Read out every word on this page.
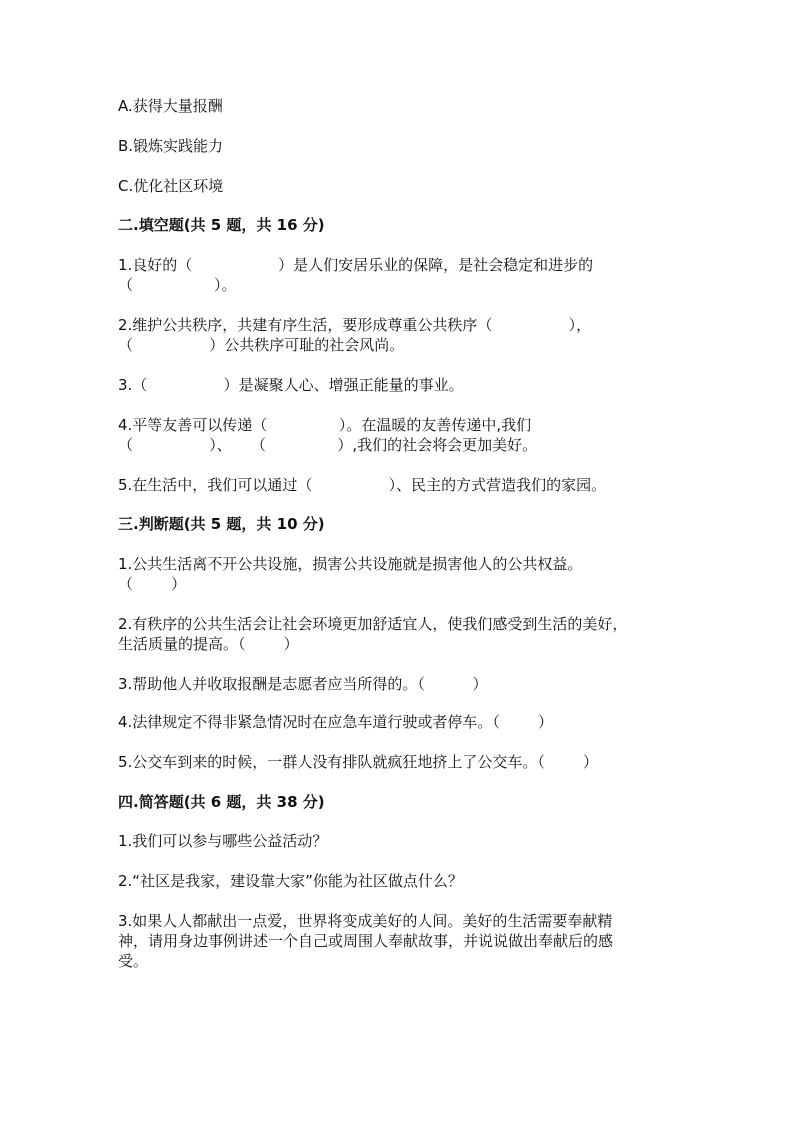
A.获得大量报酬
B.锻炼实践能力
C.优化社区环境
二.填空题(共 5 题，共 16 分)
1.良好的（                  ）是人们安居乐业的保障，是社会稳定和进步的
（                 ）。
2.维护公共秩序，共建有序生活，要形成尊重公共秩序（                ），
（                ）公共秩序可耻的社会风尚。
3.（                ）是凝聚人心、增强正能量的事业。
4.平等友善可以传递（               ）。在温暖的友善传递中,我们
（                ）、    （               ）,我们的社会将会更加美好。
5.在生活中，我们可以通过（                ）、民主的方式营造我们的家园。
三.判断题(共 5 题，共 10 分)
1.公共生活离不开公共设施，损害公共设施就是损害他人的公共权益。
（        ）
2.有秩序的公共生活会让社会环境更加舒适宜人，使我们感受到生活的美好，
生活质量的提高。（        ）
3.帮助他人并收取报酬是志愿者应当所得的。（          ）
4.法律规定不得非紧急情况时在应急车道行驶或者停车。（        ）
5.公交车到来的时候，一群人没有排队就疯狂地挤上了公交车。（        ）
四.简答题(共 6 题，共 38 分)
1.我们可以参与哪些公益活动？
2.“社区是我家，建设靠大家”你能为社区做点什么？
3.如果人人都献出一点爱，世界将变成美好的人间。美好的生活需要奉献精
神，请用身边事例讲述一个自己或周围人奉献故事，并说说做出奉献后的感
受。
